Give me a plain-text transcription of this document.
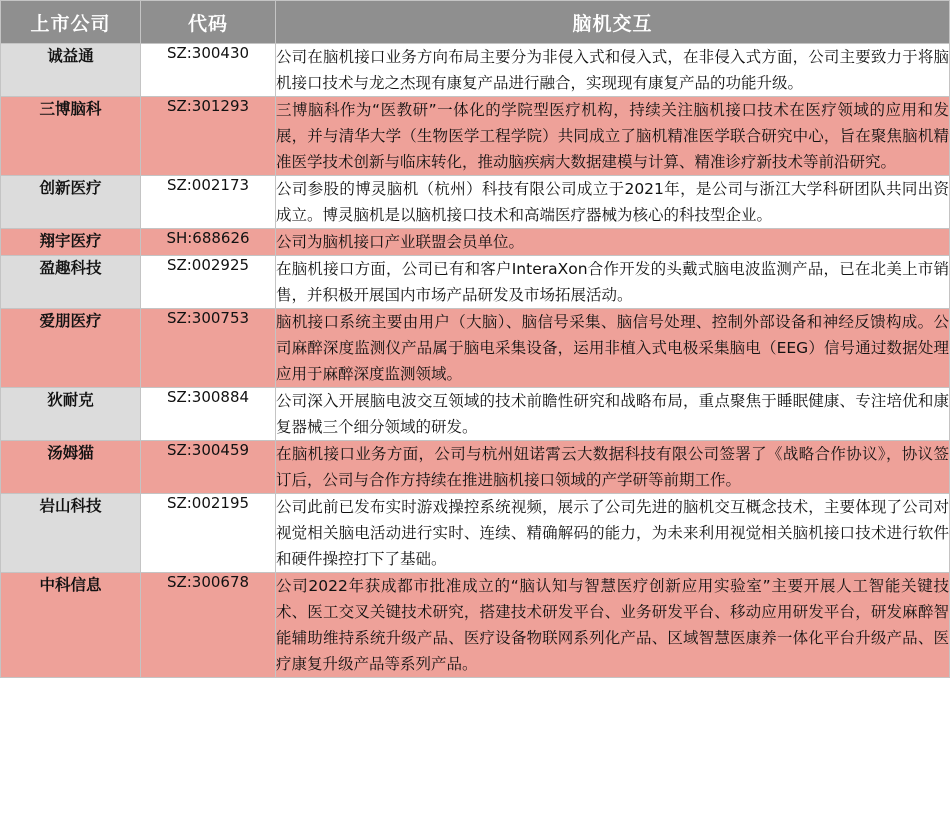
上市公司	代码	脑机交互
诚益通	SZ:300430	公司在脑机接口业务方向布局主要分为非侵入式和侵入式，在非侵入式方面，公司主要致力于将脑机接口技术与龙之杰现有康复产品进行融合，实现现有康复产品的功能升级。
三博脑科	SZ:301293	三博脑科作为“医教研”一体化的学院型医疗机构，持续关注脑机接口技术在医疗领域的应用和发展，并与清华大学（生物医学工程学院）共同成立了脑机精准医学联合研究中心，旨在聚焦脑机精准医学技术创新与临床转化，推动脑疾病大数据建模与计算、精准诊疗新技术等前沿研究。
创新医疗	SZ:002173	公司参股的博灵脑机（杭州）科技有限公司成立于2021年，是公司与浙江大学科研团队共同出资成立。博灵脑机是以脑机接口技术和高端医疗器械为核心的科技型企业。
翔宇医疗	SH:688626	公司为脑机接口产业联盟会员单位。
盈趣科技	SZ:002925	在脑机接口方面，公司已有和客户InteraXon合作开发的头戴式脑电波监测产品，已在北美上市销售，并积极开展国内市场产品研发及市场拓展活动。
爱朋医疗	SZ:300753	脑机接口系统主要由用户（大脑）、脑信号采集、脑信号处理、控制外部设备和神经反馈构成。公司麻醉深度监测仪产品属于脑电采集设备，运用非植入式电极采集脑电（EEG）信号通过数据处理应用于麻醉深度监测领域。
狄耐克	SZ:300884	公司深入开展脑电波交互领域的技术前瞻性研究和战略布局，重点聚焦于睡眠健康、专注培优和康复器械三个细分领域的研发。
汤姆猫	SZ:300459	在脑机接口业务方面，公司与杭州妞诺霄云大数据科技有限公司签署了《战略合作协议》，协议签订后，公司与合作方持续在推进脑机接口领域的产学研等前期工作。
岩山科技	SZ:002195	公司此前已发布实时游戏操控系统视频，展示了公司先进的脑机交互概念技术，主要体现了公司对视觉相关脑电活动进行实时、连续、精确解码的能力，为未来利用视觉相关脑机接口技术进行软件和硬件操控打下了基础。
中科信息	SZ:300678	公司2022年获成都市批准成立的“脑认知与智慧医疗创新应用实验室”主要开展人工智能关键技术、医工交叉关键技术研究，搭建技术研发平台、业务研发平台、移动应用研发平台，研发麻醉智能辅助维持系统升级产品、医疗设备物联网系列化产品、区域智慧医康养一体化平台升级产品、医疗康复升级产品等系列产品。
